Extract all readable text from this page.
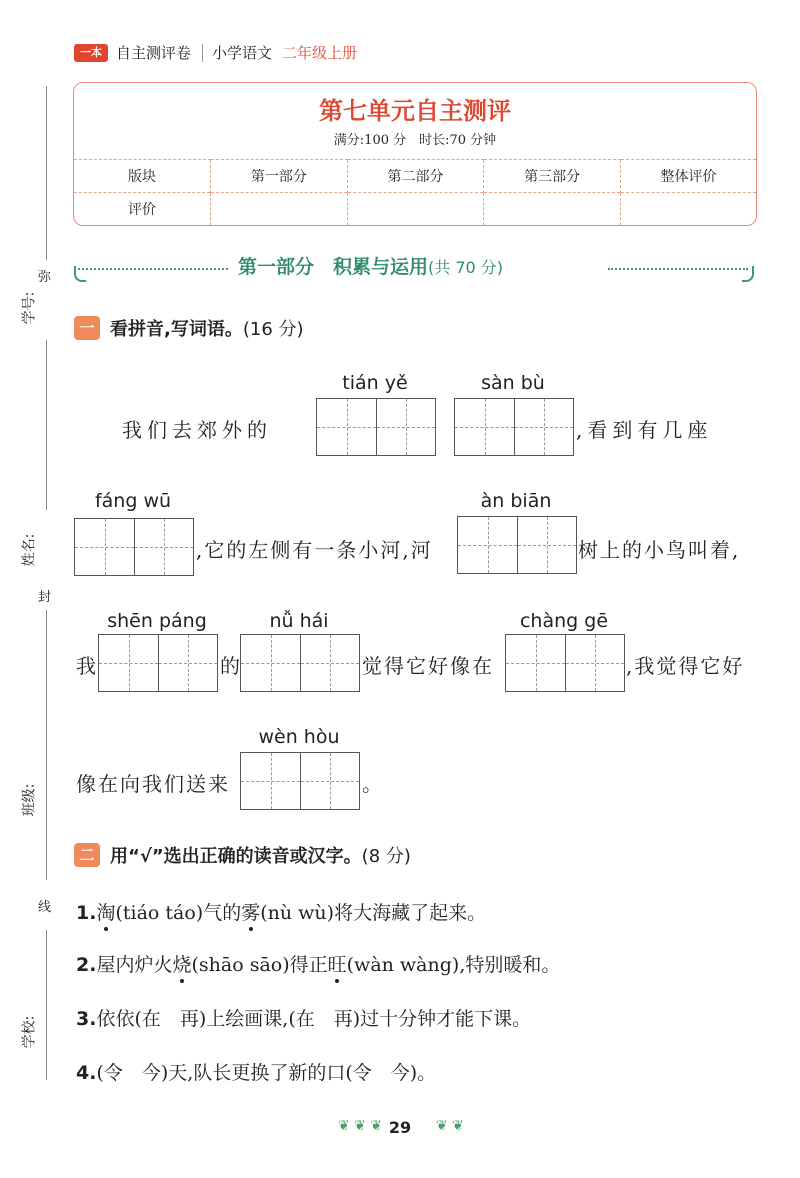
一本 自主测评卷 小学语文 二年级上册
第七单元自主测评
满分:100 分　时长:70 分钟
版块	第一部分	第二部分	第三部分	整体评价
评价				
第一部分　积累与运用(共 70 分)
一 看拼音,写词语。(16 分)
tián yě	sàn bù
我们去郊外的	,看到有几座
fáng wū	àn biān
,它的左侧有一条小河,河	树上的小鸟叫着,
shēn páng	nǚ hái	chàng gē
我	的	觉得它好像在	,我觉得它好
wèn hòu
像在向我们送来	。
二 用“√”选出正确的读音或汉字。(8 分)
1.淘(tiáo táo)气的雾(nù wù)将大海藏了起来。
2.屋内炉火烧(shāo sāo)得正旺(wàn wàng),特别暖和。
3.依依(在　再)上绘画课,(在　再)过十分钟才能下课。
4.(令　今)天,队长更换了新的口(令　今)。
学号:
姓名:
班级:
学校:
弥
封
线
❦ ❦ ❦	❦ ❦
29
